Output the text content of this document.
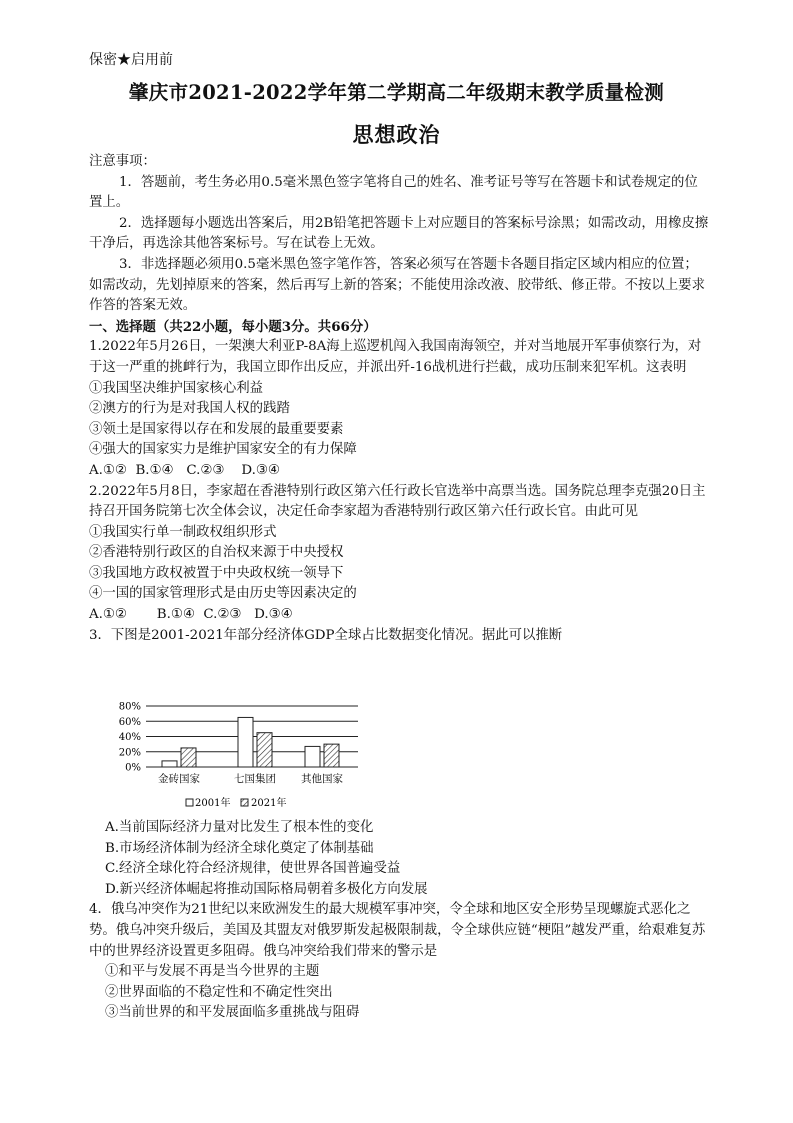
保密★启用前
肇庆市2021-2022学年第二学期高二年级期末教学质量检测
思想政治

注意事项：

1．答题前，考生务必用0.5毫米黑色签字笔将自己的姓名、准考证号等写在答题卡和试卷规定的位置上。

2．选择题每小题选出答案后，用2B铅笔把答题卡上对应题目的答案标号涂黑；如需改动，用橡皮擦干净后，再选涂其他答案标号。写在试卷上无效。

3．非选择题必须用0.5毫米黑色签字笔作答，答案必须写在答题卡各题目指定区域内相应的位置；如需改动，先划掉原来的答案，然后再写上新的答案；不能使用涂改液、胶带纸、修正带。不按以上要求作答的答案无效。

一、选择题（共22小题，每小题3分。共66分）

1.2022年5月26日，一架澳大利亚P-8A海上巡逻机闯入我国南海领空，并对当地展开军事侦察行为，对于这一严重的挑衅行为，我国立即作出反应，并派出歼-16战机进行拦截，成功压制来犯军机。这表明

①我国坚决维护国家核心利益

②澳方的行为是对我国人权的践踏

③领土是国家得以存在和发展的最重要要素

④强大的国家实力是维护国家安全的有力保障

A.①②  B.①④   C.②③    D.③④

2.2022年5月8日，李家超在香港特别行政区第六任行政长官选举中高票当选。国务院总理李克强20日主持召开国务院第七次全体会议，决定任命李家超为香港特别行政区第六任行政长官。由此可见

①我国实行单一制政权组织形式

②香港特别行政区的自治权来源于中央授权

③我国地方政权被置于中央政权统一领导下

④一国的国家管理形式是由历史等因素决定的

A.①②       B.①④  C.②③   D.③④

3．下图是2001-2021年部分经济体GDP全球占比数据变化情况。据此可以推断

0%
20%
40%
60%
80%
金砖国家	七国集团 其他国家
2001年 2021年

A.当前国际经济力量对比发生了根本性的变化

B.市场经济体制为经济全球化奠定了体制基础

C.经济全球化符合经济规律，使世界各国普遍受益

D.新兴经济体崛起将推动国际格局朝着多极化方向发展

4．俄乌冲突作为21世纪以来欧洲发生的最大规模军事冲突，令全球和地区安全形势呈现螺旋式恶化之势。俄乌冲突升级后，美国及其盟友对俄罗斯发起极限制裁，令全球供应链“梗阻”越发严重，给艰难复苏中的世界经济设置更多阻碍。俄乌冲突给我们带来的警示是

①和平与发展不再是当今世界的主题

②世界面临的不稳定性和不确定性突出

③当前世界的和平发展面临多重挑战与阻碍
